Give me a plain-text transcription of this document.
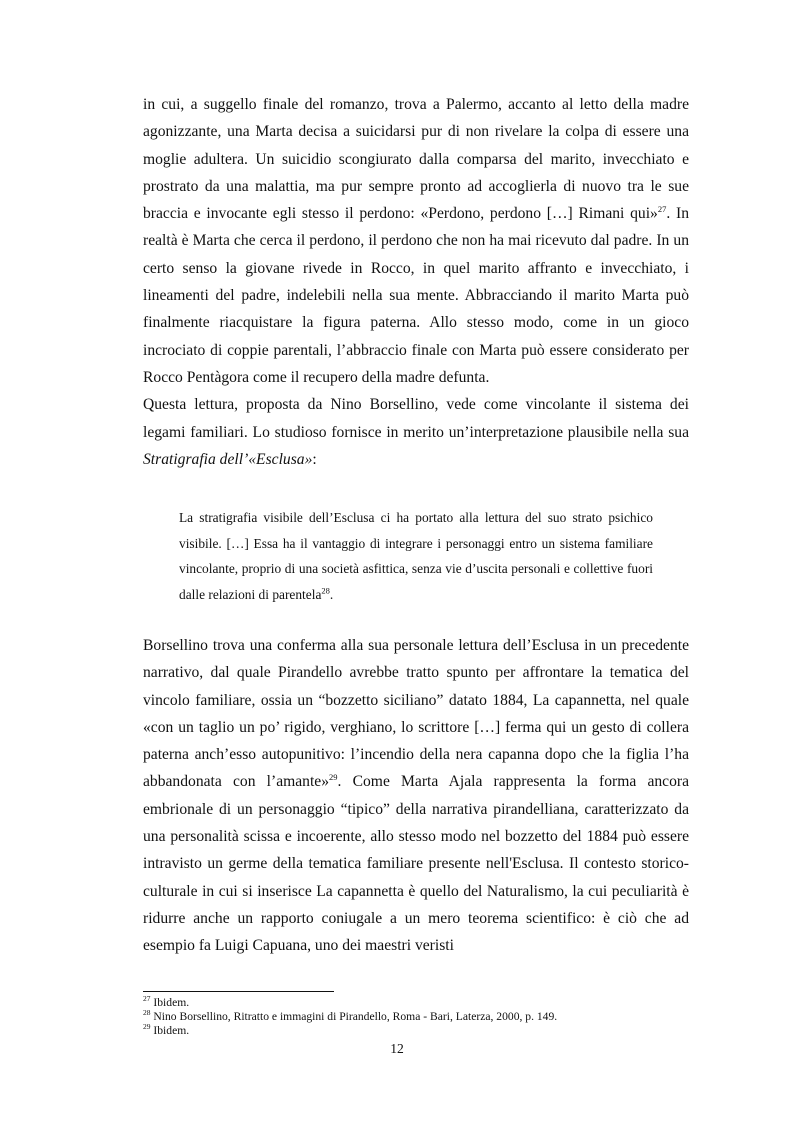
in cui, a suggello finale del romanzo, trova a Palermo, accanto al letto della madre agonizzante, una Marta decisa a suicidarsi pur di non rivelare la colpa di essere una moglie adultera. Un suicidio scongiurato dalla comparsa del marito, invecchiato e prostrato da una malattia, ma pur sempre pronto ad accoglierla di nuovo tra le sue braccia e invocante egli stesso il perdono: «Perdono, perdono […] Rimani qui»$^{27}$. In realtà è Marta che cerca il perdono, il perdono che non ha mai ricevuto dal padre. In un certo senso la giovane rivede in Rocco, in quel marito affranto e invecchiato, i lineamenti del padre, indelebili nella sua mente. Abbracciando il marito Marta può finalmente riacquistare la figura paterna. Allo stesso modo, come in un gioco incrociato di coppie parentali, l’abbraccio finale con Marta può essere considerato per Rocco Pentàgora come il recupero della madre defunta.
Questa lettura, proposta da Nino Borsellino, vede come vincolante il sistema dei legami familiari. Lo studioso fornisce in merito un’interpretazione plausibile nella sua Stratigrafia dell’«Esclusa»:
La stratigrafia visibile dell’Esclusa ci ha portato alla lettura del suo strato psichico visibile. […] Essa ha il vantaggio di integrare i personaggi entro un sistema familiare vincolante, proprio di una società asfittica, senza vie d’uscita personali e collettive fuori dalle relazioni di parentela$^{28}$.
Borsellino trova una conferma alla sua personale lettura dell’Esclusa in un precedente narrativo, dal quale Pirandello avrebbe tratto spunto per affrontare la tematica del vincolo familiare, ossia un “bozzetto siciliano” datato 1884, La capannetta, nel quale «con un taglio un po’ rigido, verghiano, lo scrittore […] ferma qui un gesto di collera paterna anch’esso autopunitivo: l’incendio della nera capanna dopo che la figlia l’ha abbandonata con l’amante»$^{29}$. Come Marta Ajala rappresenta la forma ancora embrionale di un personaggio “tipico” della narrativa pirandelliana, caratterizzato da una personalità scissa e incoerente, allo stesso modo nel bozzetto del 1884 può essere intravisto un germe della tematica familiare presente nell'Esclusa. Il contesto storico-culturale in cui si inserisce La capannetta è quello del Naturalismo, la cui peculiarità è ridurre anche un rapporto coniugale a un mero teorema scientifico: è ciò che ad esempio fa Luigi Capuana, uno dei maestri veristi
$^{27}$ Ibidem.
$^{28}$ Nino Borsellino, Ritratto e immagini di Pirandello, Roma - Bari, Laterza, 2000, p. 149.
$^{29}$ Ibidem.
12
